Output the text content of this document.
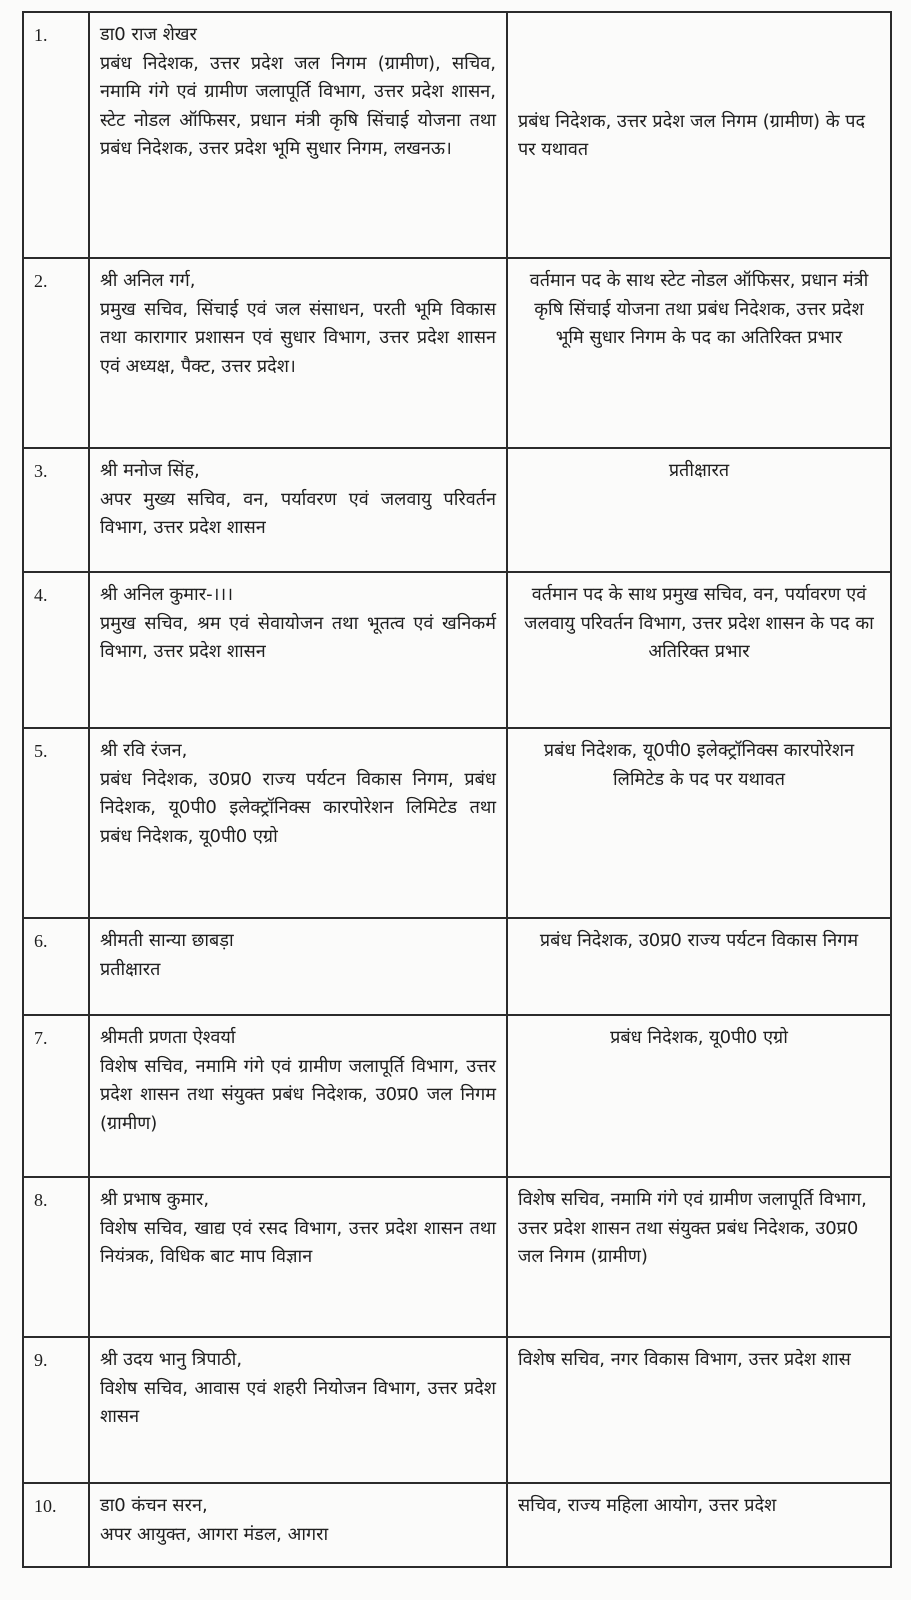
1.	डा0 राज शेखर
प्रबंध निदेशक, उत्तर प्रदेश जल निगम (ग्रामीण), सचिव, नमामि गंगे एवं ग्रामीण जलापूर्ति विभाग, उत्तर प्रदेश शासन, स्टेट नोडल ऑफिसर, प्रधान मंत्री कृषि सिंचाई योजना तथा प्रबंध निदेशक, उत्तर प्रदेश भूमि सुधार निगम, लखनऊ।	प्रबंध निदेशक, उत्तर प्रदेश जल निगम (ग्रामीण) के पद पर यथावत
2.	श्री अनिल गर्ग,
प्रमुख सचिव, सिंचाई एवं जल संसाधन, परती भूमि विकास तथा कारागार प्रशासन एवं सुधार विभाग, उत्तर प्रदेश शासन एवं अध्यक्ष, पैक्ट, उत्तर प्रदेश।	वर्तमान पद के साथ स्टेट नोडल ऑफिसर, प्रधान मंत्री कृषि सिंचाई योजना तथा प्रबंध निदेशक, उत्तर प्रदेश भूमि सुधार निगम के पद का अतिरिक्त प्रभार
3.	श्री मनोज सिंह,
अपर मुख्य सचिव, वन, पर्यावरण एवं जलवायु परिवर्तन विभाग, उत्तर प्रदेश शासन	प्रतीक्षारत
4.	श्री अनिल कुमार-।।।
प्रमुख सचिव, श्रम एवं सेवायोजन तथा भूतत्व एवं खनिकर्म विभाग, उत्तर प्रदेश शासन	वर्तमान पद के साथ प्रमुख सचिव, वन, पर्यावरण एवं जलवायु परिवर्तन विभाग, उत्तर प्रदेश शासन के पद का अतिरिक्त प्रभार
5.	श्री रवि रंजन,
प्रबंध निदेशक, उ0प्र0 राज्य पर्यटन विकास निगम, प्रबंध निदेशक, यू0पी0 इलेक्ट्रॉनिक्स कारपोरेशन लिमिटेड तथा प्रबंध निदेशक, यू0पी0 एग्रो	प्रबंध निदेशक, यू0पी0 इलेक्ट्रॉनिक्स कारपोरेशन लिमिटेड के पद पर यथावत
6.	श्रीमती सान्या छाबड़ा
प्रतीक्षारत	प्रबंध निदेशक, उ0प्र0 राज्य पर्यटन विकास निगम
7.	श्रीमती प्रणता ऐश्वर्या
विशेष सचिव, नमामि गंगे एवं ग्रामीण जलापूर्ति विभाग, उत्तर प्रदेश शासन तथा संयुक्त प्रबंध निदेशक, उ0प्र0 जल निगम (ग्रामीण)	प्रबंध निदेशक, यू0पी0 एग्रो
8.	श्री प्रभाष कुमार,
विशेष सचिव, खाद्य एवं रसद विभाग, उत्तर प्रदेश शासन तथा नियंत्रक, विधिक बाट माप विज्ञान	विशेष सचिव, नमामि गंगे एवं ग्रामीण जलापूर्ति विभाग, उत्तर प्रदेश शासन तथा संयुक्त प्रबंध निदेशक, उ0प्र0 जल निगम (ग्रामीण)
9.	श्री उदय भानु त्रिपाठी,
विशेष सचिव, आवास एवं शहरी नियोजन विभाग, उत्तर प्रदेश शासन	विशेष सचिव, नगर विकास विभाग, उत्तर प्रदेश शास
10.	डा0 कंचन सरन,
अपर आयुक्त, आगरा मंडल, आगरा	सचिव, राज्य महिला आयोग, उत्तर प्रदेश
